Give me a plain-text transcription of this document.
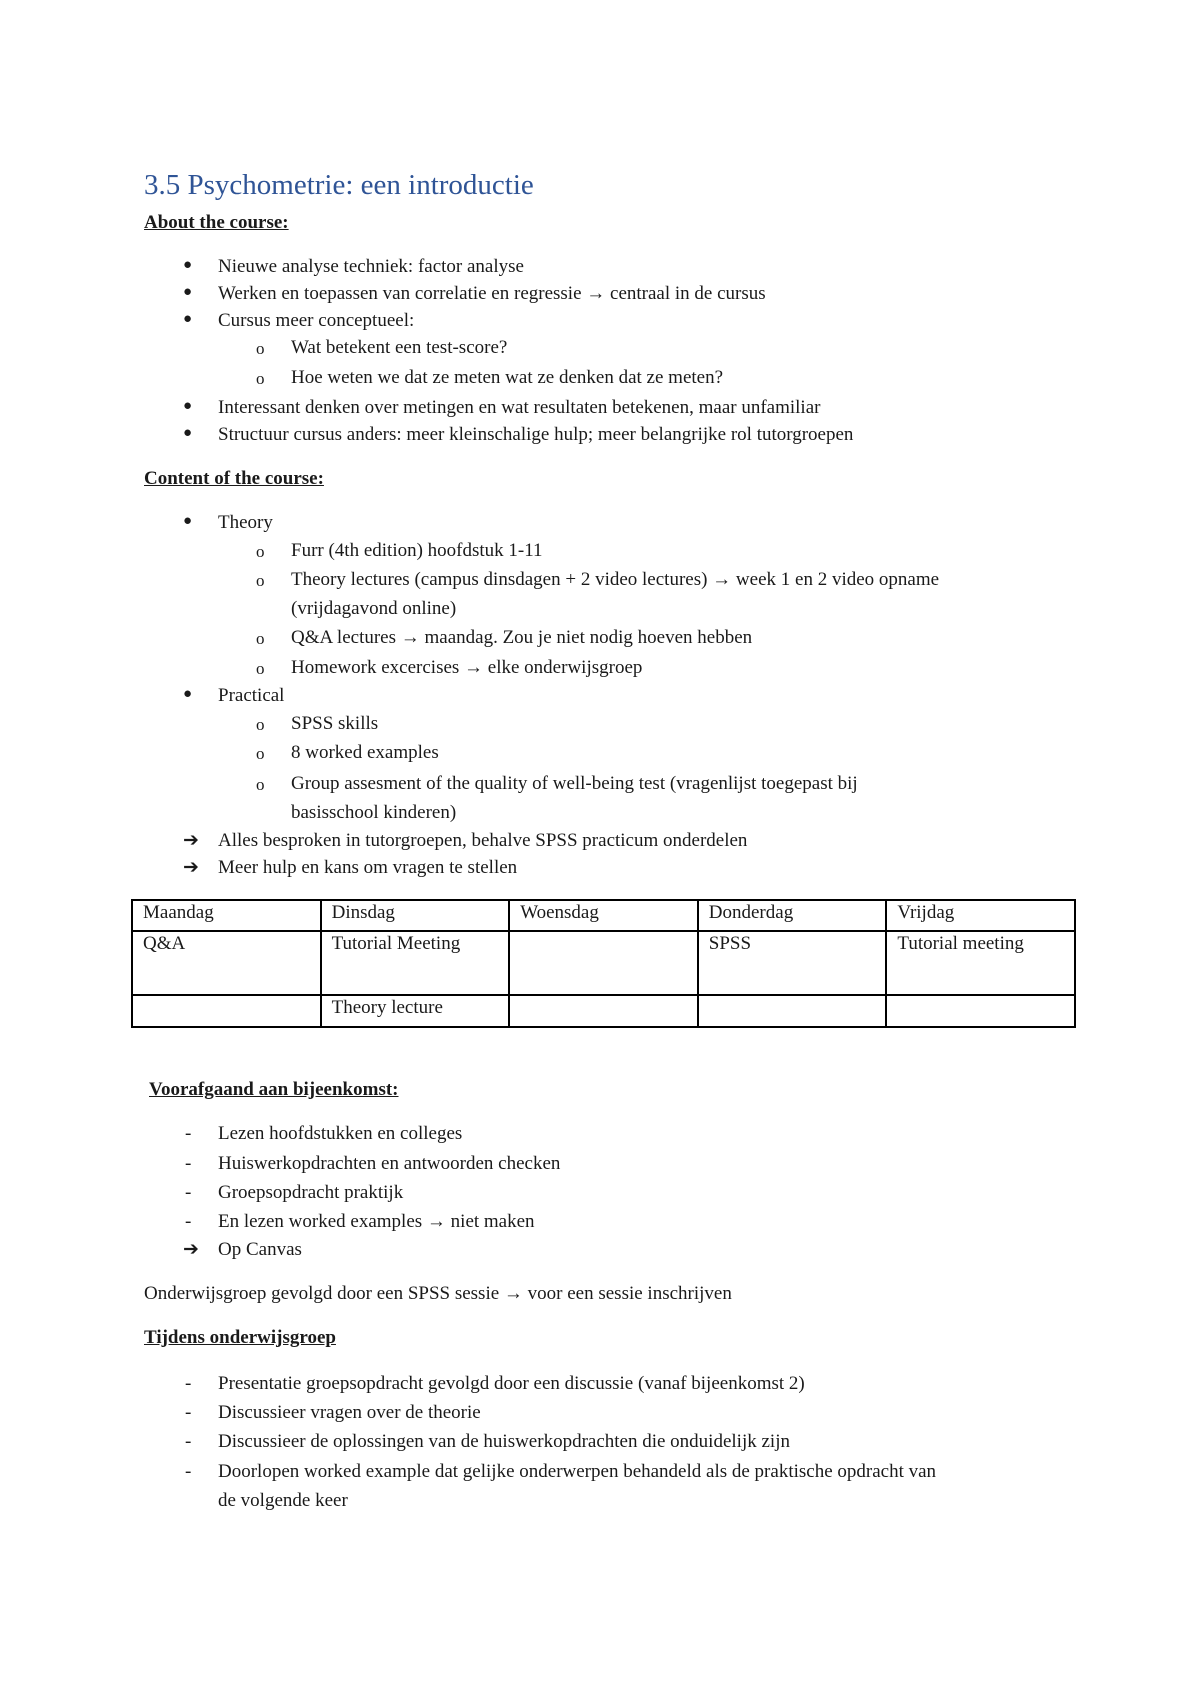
3.5 Psychometrie: een introductie
About the course:
● Nieuwe analyse techniek: factor analyse
● Werken en toepassen van correlatie en regressie → centraal in de cursus
● Cursus meer conceptueel:
o Wat betekent een test-score?
o Hoe weten we dat ze meten wat ze denken dat ze meten?
● Interessant denken over metingen en wat resultaten betekenen, maar unfamiliar
● Structuur cursus anders: meer kleinschalige hulp; meer belangrijke rol tutorgroepen
Content of the course:
● Theory
o Furr (4th edition) hoofdstuk 1-11
o Theory lectures (campus dinsdagen + 2 video lectures) → week 1 en 2 video opname
(vrijdagavond online)
o Q&A lectures → maandag. Zou je niet nodig hoeven hebben
o Homework excercises → elke onderwijsgroep
● Practical
o SPSS skills
o 8 worked examples
o Group assesment of the quality of well-being test (vragenlijst toegepast bij
basisschool kinderen)
➔ Alles besproken in tutorgroepen, behalve SPSS practicum onderdelen
➔ Meer hulp en kans om vragen te stellen
Maandag	Dinsdag	Woensdag	Donderdag	Vrijdag
Q&A	Tutorial Meeting		SPSS	Tutorial meeting
	Theory lecture			
Voorafgaand aan bijeenkomst:
- Lezen hoofdstukken en colleges
- Huiswerkopdrachten en antwoorden checken
- Groepsopdracht praktijk
- En lezen worked examples → niet maken
➔ Op Canvas
Onderwijsgroep gevolgd door een SPSS sessie → voor een sessie inschrijven
Tijdens onderwijsgroep
- Presentatie groepsopdracht gevolgd door een discussie (vanaf bijeenkomst 2)
- Discussieer vragen over de theorie
- Discussieer de oplossingen van de huiswerkopdrachten die onduidelijk zijn
- Doorlopen worked example dat gelijke onderwerpen behandeld als de praktische opdracht van
de volgende keer
